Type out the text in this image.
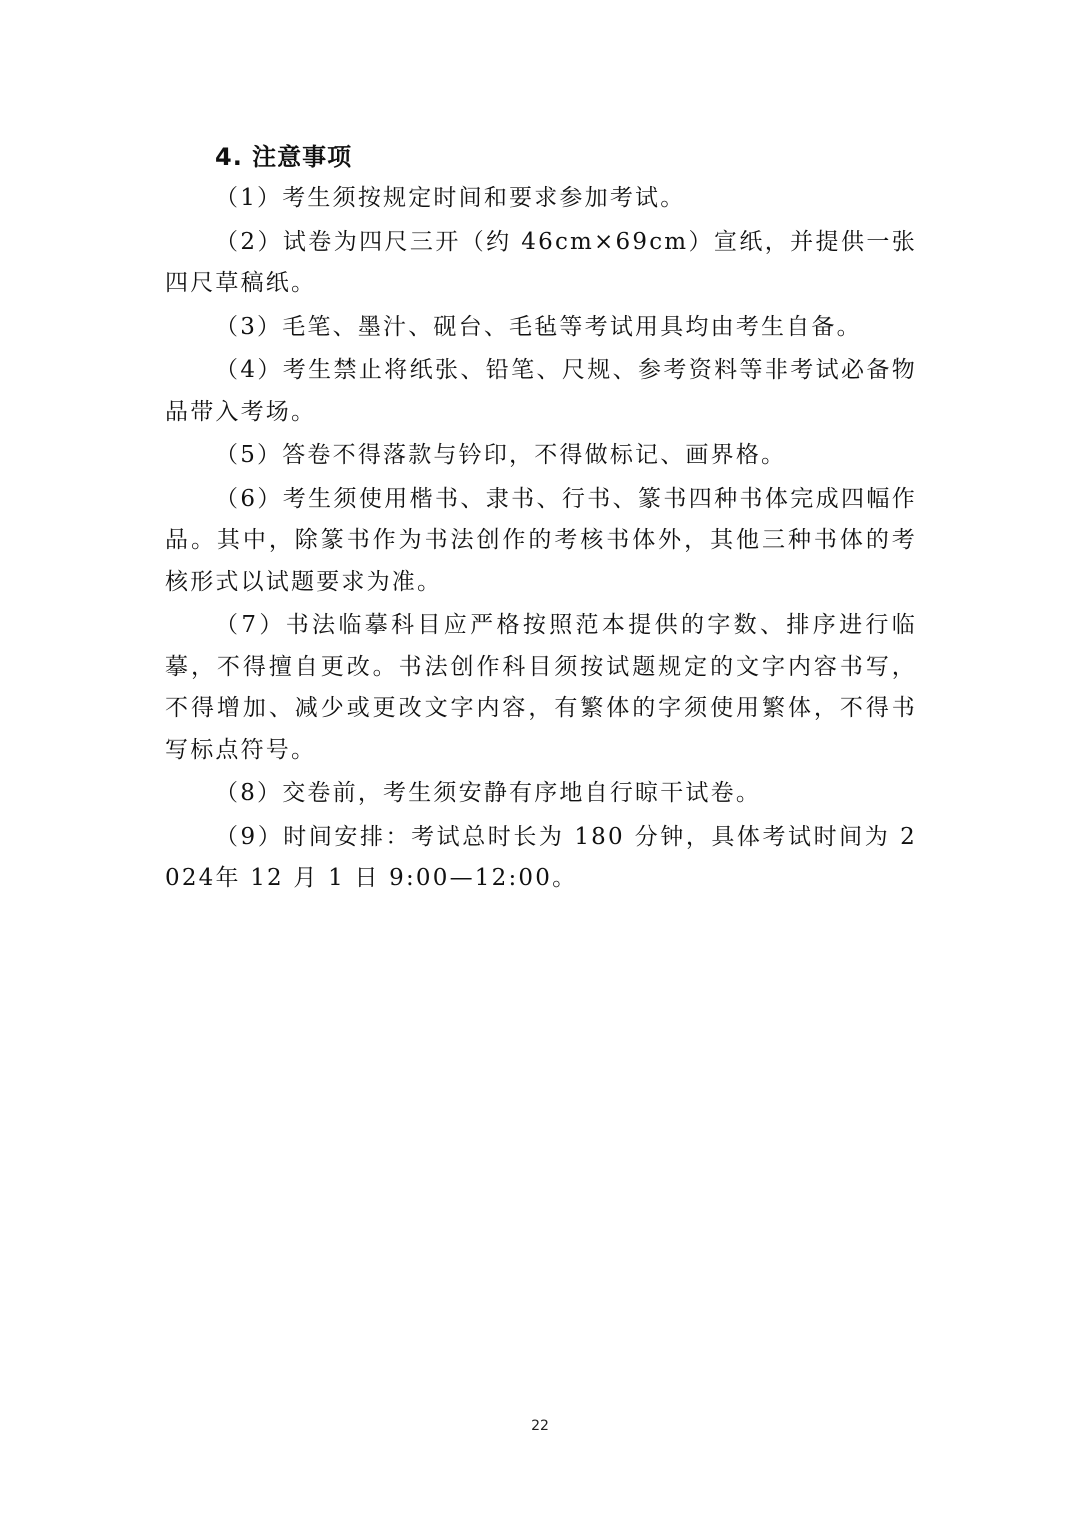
4. 注意事项

（1）考生须按规定时间和要求参加考试。

（2）试卷为四尺三开（约 46cm×69cm）宣纸，并提供一张四尺草稿纸。

（3）毛笔、墨汁、砚台、毛毡等考试用具均由考生自备。

（4）考生禁止将纸张、铅笔、尺规、参考资料等非考试必备物品带入考场。

（5）答卷不得落款与钤印，不得做标记、画界格。

（6）考生须使用楷书、隶书、行书、篆书四种书体完成四幅作品。其中，除篆书作为书法创作的考核书体外，其他三种书体的考核形式以试题要求为准。

（7）书法临摹科目应严格按照范本提供的字数、排序进行临摹，不得擅自更改。书法创作科目须按试题规定的文字内容书写，不得增加、减少或更改文字内容，有繁体的字须使用繁体，不得书写标点符号。

（8）交卷前，考生须安静有序地自行晾干试卷。

（9）时间安排：考试总时长为 180 分钟，具体考试时间为 2024年 12 月 1 日 9:00—12:00。

22
